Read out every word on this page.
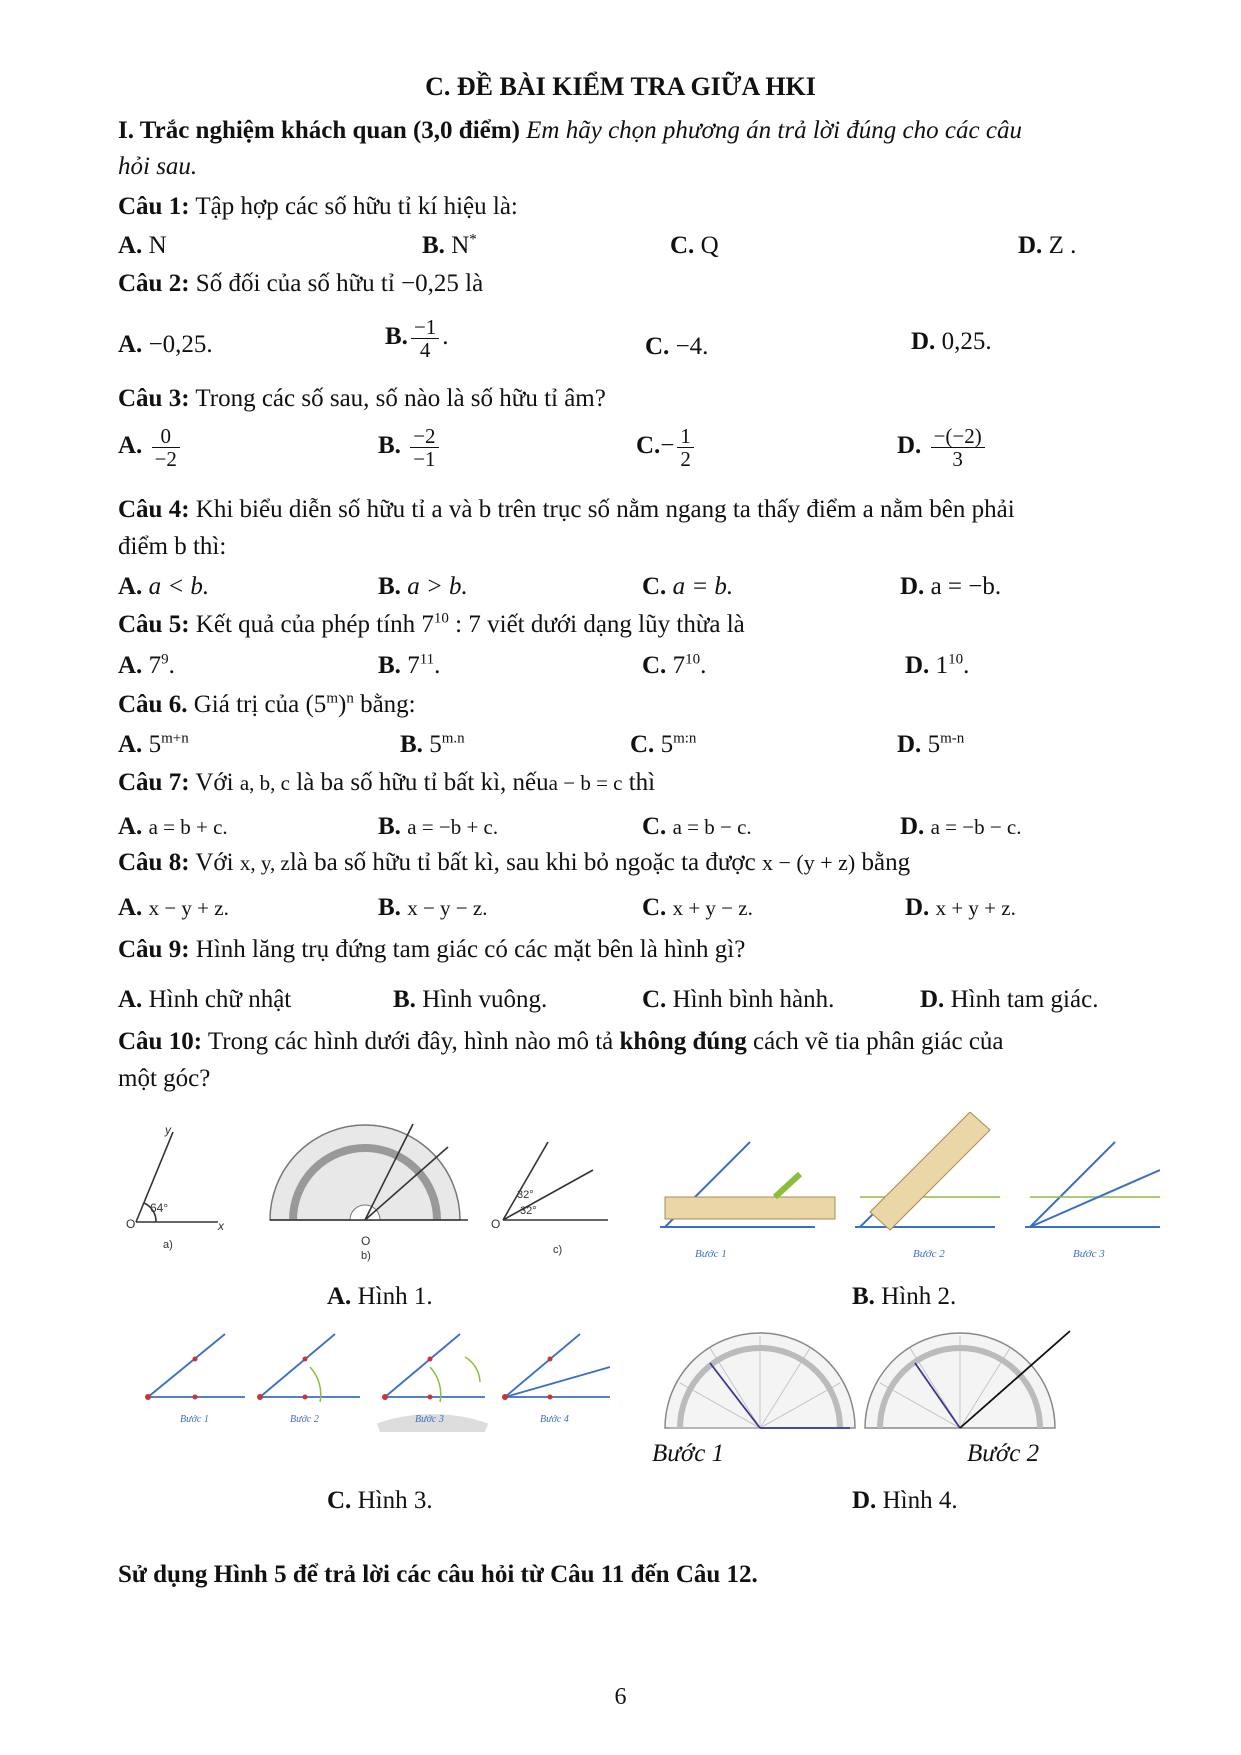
C. ĐỀ BÀI KIỂM TRA GIỮA HKI
I. Trắc nghiệm khách quan (3,0 điểm) Em hãy chọn phương án trả lời đúng cho các câu
hỏi sau.
Câu 1: Tập hợp các số hữu tỉ kí hiệu là:
A. N	B. N*	C. Q	D. Z .
Câu 2: Số đối của số hữu tỉ −0,25 là
A. −0,25.	B. $\frac{-1}{4}$ .	C. −4.	D. 0,25.
Câu 3: Trong các số sau, số nào là số hữu tỉ âm?
A. $\frac{0}{-2}$	B. $\frac{-2}{-1}$	$C.- \frac{1}{2}$	D. $\frac{-(-2)}{3}$
Câu 4: Khi biểu diễn số hữu tỉ a và b trên trục số nằm ngang ta thấy điểm a nằm bên phải
điểm b thì:
A. a < b.	B. a > b.	C. a = b.	D. a = −b.
Câu 5: Kết quả của phép tính $7^{10}$ : 7 viết dưới dạng lũy thừa là
A. $7^9$.	B. $7^{11}$.	C. $7^{10}$.	D. $1^{10}$.
Câu 6. Giá trị của $(5^m)^n$ bằng:
A. $5^{m+n}$	B. $5^{m.n}$	C. $5^{m:n}$	D. 5$^{m-n}$
Câu 7: Với a, b, c là ba số hữu tỉ bất kì, nếua − b = c thì
A. a = b + c.	B. a = −b + c.	C. a = b − c.	D. a = −b − c.
Câu 8: Với x, y, zlà ba số hữu tỉ bất kì, sau khi bỏ ngoặc ta được x − (y + z) bằng
A. x − y + z.	B. x − y − z.	C. x + y − z.	D. x + y + z.
Câu 9: Hình lăng trụ đứng tam giác có các mặt bên là hình gì?
A. Hình chữ nhật	B. Hình vuông.	C. Hình bình hành.	D. Hình tam giác.
Câu 10: Trong các hình dưới đây, hình nào mô tả không đúng cách vẽ tia phân giác của
một góc?
O
y
x
64°
a)	O
b)
32°
32°
O
c)	Bước 1	Bước 2	Bước 3
A. Hình 1.	B. Hình 2.
Bước 1	Bước 2	Bước 3	Bước 4
Bước 1	Bước 2
C. Hình 3.	D. Hình 4.
Sử dụng Hình 5 để trả lời các câu hỏi từ Câu 11 đến Câu 12.
6
